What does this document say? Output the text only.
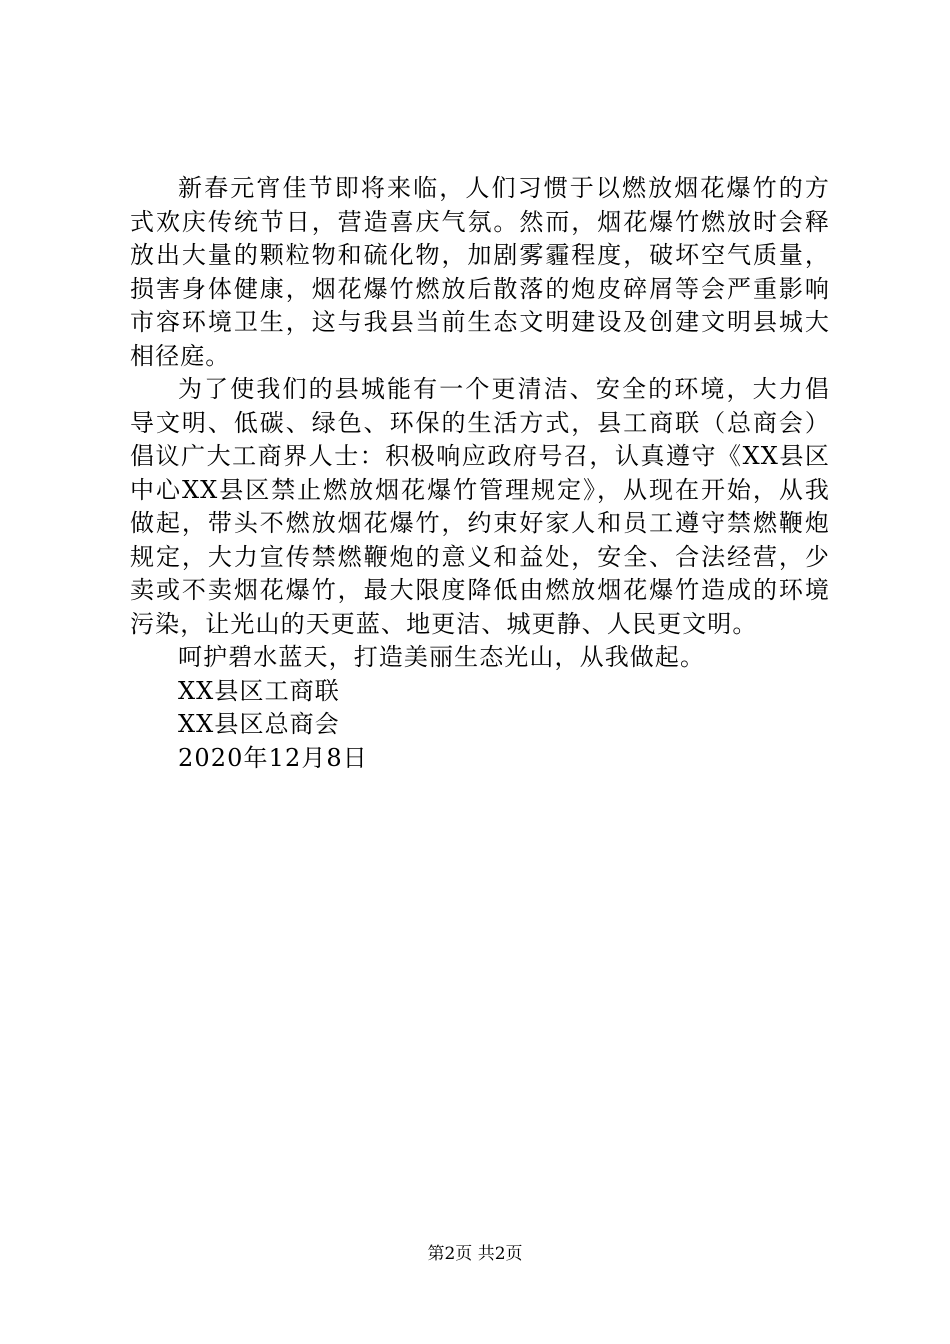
新春元宵佳节即将来临，人们习惯于以燃放烟花爆竹的方式欢庆传统节日，营造喜庆气氛。然而，烟花爆竹燃放时会释放出大量的颗粒物和硫化物，加剧雾霾程度，破坏空气质量，损害身体健康，烟花爆竹燃放后散落的炮皮碎屑等会严重影响市容环境卫生，这与我县当前生态文明建设及创建文明县城大相径庭。

为了使我们的县城能有一个更清洁、安全的环境，大力倡导文明、低碳、绿色、环保的生活方式，县工商联（总商会）倡议广大工商界人士：积极响应政府号召，认真遵守《XX县区中心XX县区禁止燃放烟花爆竹管理规定》，从现在开始，从我做起，带头不燃放烟花爆竹，约束好家人和员工遵守禁燃鞭炮规定，大力宣传禁燃鞭炮的意义和益处，安全、合法经营，少卖或不卖烟花爆竹，最大限度降低由燃放烟花爆竹造成的环境污染，让光山的天更蓝、地更洁、城更静、人民更文明。

呵护碧水蓝天，打造美丽生态光山，从我做起。

XX县区工商联

XX县区总商会

2020年12月8日

第2页 共2页
